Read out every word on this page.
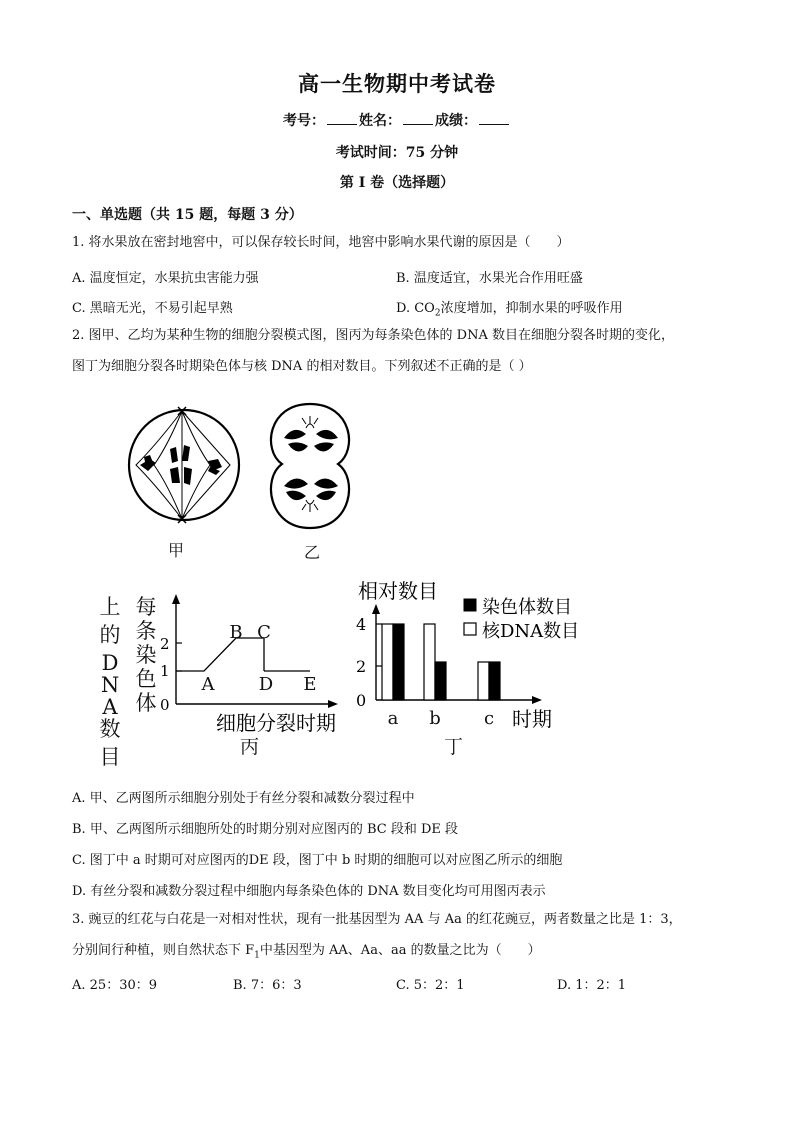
高一生物期中考试卷
考号： 姓名： 成绩：
考试时间：75 分钟
第 I 卷（选择题）
一、单选题（共 15 题，每题 3 分）
1. 将水果放在密封地窖中，可以保存较长时间，地窖中影响水果代谢的原因是（　　）
A. 温度恒定，水果抗虫害能力强	B. 温度适宜，水果光合作用旺盛
C. 黑暗无光，不易引起早熟	D. $CO_2$浓度增加，抑制水果的呼吸作用
2. 图甲、乙均为某种生物的细胞分裂模式图，图丙为每条染色体的 DNA 数目在细胞分裂各时期的变化，
图丁为细胞分裂各时期染色体与核 DNA 的相对数目。下列叙述不正确的是（ ）
甲	乙
上的 D N A 数目
每条染色体 0
1
2
A
B C
D E
细胞分裂时期
丙
相对数目
0
2
4
a b c 时期
染色体数目
核DNA数目
丁
A. 甲、乙两图所示细胞分别处于有丝分裂和减数分裂过程中
B. 甲、乙两图所示细胞所处的时期分别对应图丙的 BC 段和 DE 段
C. 图丁中 a 时期可对应图丙的DE 段，图丁中 b 时期的细胞可以对应图乙所示的细胞
D. 有丝分裂和减数分裂过程中细胞内每条染色体的 DNA 数目变化均可用图丙表示
3. 豌豆的红花与白花是一对相对性状，现有一批基因型为 AA 与 Aa 的红花豌豆，两者数量之比是 1：3，
分别间行种植，则自然状态下 $F_1$中基因型为 AA、Aa、aa 的数量之比为（　　）
A. 25：30：9	B. 7：6：3	C. 5：2：1	D. 1：2：1
